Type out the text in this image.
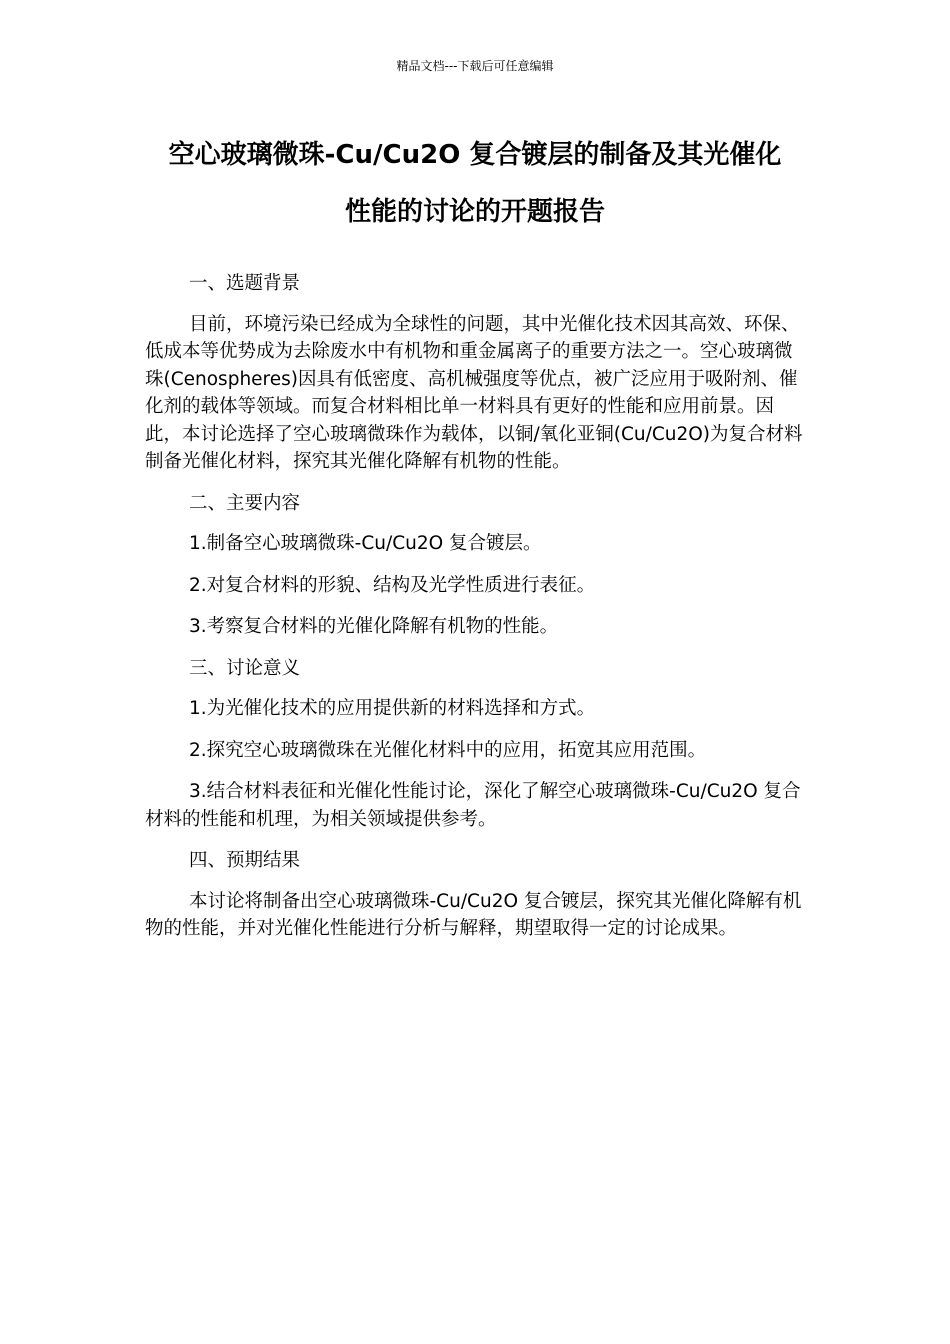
精品文档---下载后可任意编辑
空心玻璃微珠-Cu/Cu2O 复合镀层的制备及其光催化
性能的讨论的开题报告

一、选题背景

目前，环境污染已经成为全球性的问题，其中光催化技术因其高效、环保、低成本等优势成为去除废水中有机物和重金属离子的重要方法之一。空心玻璃微珠(Cenospheres)因具有低密度、高机械强度等优点，被广泛应用于吸附剂、催化剂的载体等领域。而复合材料相比单一材料具有更好的性能和应用前景。因此，本讨论选择了空心玻璃微珠作为载体，以铜/氧化亚铜(Cu/Cu2O)为复合材料制备光催化材料，探究其光催化降解有机物的性能。

二、主要内容

1.制备空心玻璃微珠-Cu/Cu2O 复合镀层。

2.对复合材料的形貌、结构及光学性质进行表征。

3.考察复合材料的光催化降解有机物的性能。

三、讨论意义

1.为光催化技术的应用提供新的材料选择和方式。

2.探究空心玻璃微珠在光催化材料中的应用，拓宽其应用范围。

3.结合材料表征和光催化性能讨论，深化了解空心玻璃微珠-Cu/Cu2O 复合材料的性能和机理，为相关领域提供参考。

四、预期结果

本讨论将制备出空心玻璃微珠-Cu/Cu2O 复合镀层，探究其光催化降解有机物的性能，并对光催化性能进行分析与解释，期望取得一定的讨论成果。
